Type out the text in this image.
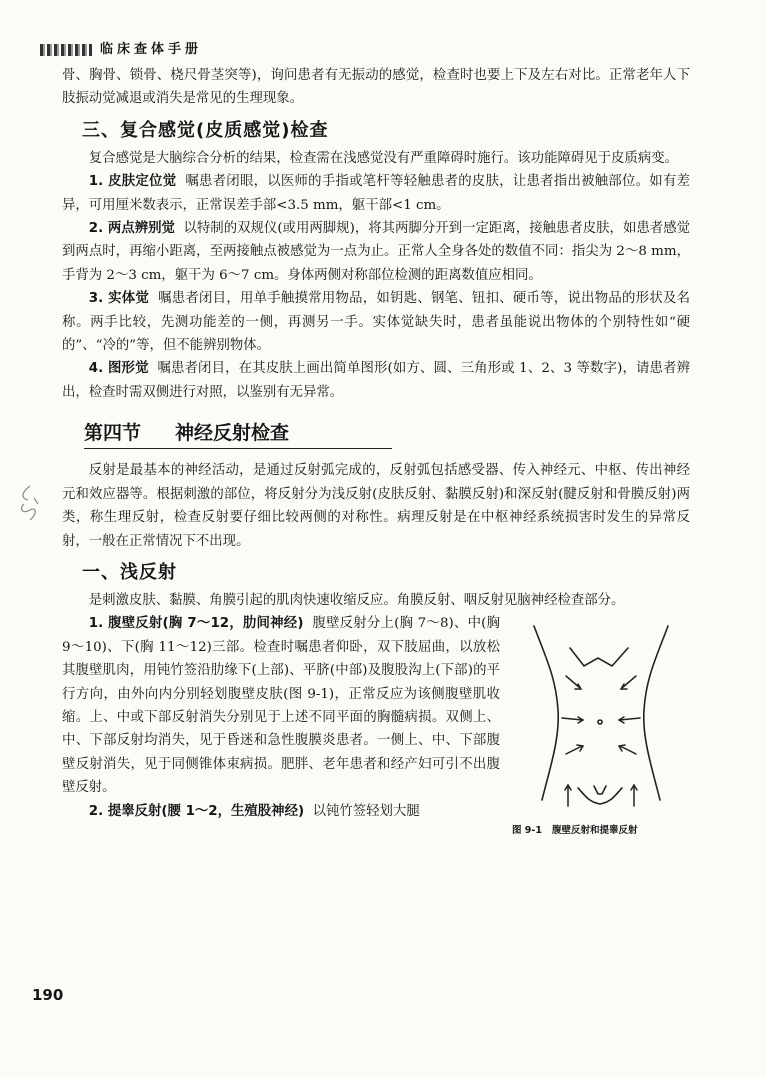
临床查体手册

骨、胸骨、锁骨、桡尺骨茎突等)，询问患者有无振动的感觉，检查时也要上下及左右对比。正常老年人下肢振动觉减退或消失是常见的生理现象。

三、复合感觉(皮质感觉)检查

复合感觉是大脑综合分析的结果，检查需在浅感觉没有严重障碍时施行。该功能障碍见于皮质病变。

1. 皮肤定位觉 嘱患者闭眼，以医师的手指或笔杆等轻触患者的皮肤，让患者指出被触部位。如有差异，可用厘米数表示，正常误差手部<3.5 mm，躯干部<1 cm。

2. 两点辨别觉 以特制的双规仪(或用两脚规)，将其两脚分开到一定距离，接触患者皮肤，如患者感觉到两点时，再缩小距离，至两接触点被感觉为一点为止。正常人全身各处的数值不同：指尖为 2～8 mm，手背为 2～3 cm，躯干为 6～7 cm。身体两侧对称部位检测的距离数值应相同。

3. 实体觉 嘱患者闭目，用单手触摸常用物品，如钥匙、钢笔、钮扣、硬币等，说出物品的形状及名称。两手比较，先测功能差的一侧，再测另一手。实体觉缺失时，患者虽能说出物体的个别特性如“硬的”、“冷的”等，但不能辨别物体。

4. 图形觉 嘱患者闭目，在其皮肤上画出简单图形(如方、圆、三角形或 1、2、3 等数字)，请患者辨出，检查时需双侧进行对照，以鉴别有无异常。

第四节 神经反射检查

反射是最基本的神经活动，是通过反射弧完成的，反射弧包括感受器、传入神经元、中枢、传出神经元和效应器等。根据刺激的部位，将反射分为浅反射(皮肤反射、黏膜反射)和深反射(腱反射和骨膜反射)两类，称生理反射，检查反射要仔细比较两侧的对称性。病理反射是在中枢神经系统损害时发生的异常反射，一般在正常情况下不出现。

一、浅反射

是刺激皮肤、黏膜、角膜引起的肌肉快速收缩反应。角膜反射、咽反射见脑神经检查部分。

图 9-1 腹壁反射和提睾反射

1. 腹壁反射(胸 7～12，肋间神经) 腹壁反射分上(胸 7～8)、中(胸 9～10)、下(胸 11～12)三部。检查时嘱患者仰卧，双下肢屈曲，以放松其腹壁肌肉，用钝竹签沿肋缘下(上部)、平脐(中部)及腹股沟上(下部)的平行方向，由外向内分别轻划腹壁皮肤(图 9-1)，正常反应为该侧腹壁肌收缩。上、中或下部反射消失分别见于上述不同平面的胸髓病损。双侧上、中、下部反射均消失，见于昏迷和急性腹膜炎患者。一侧上、中、下部腹壁反射消失，见于同侧锥体束病损。肥胖、老年患者和经产妇可引不出腹壁反射。

2. 提睾反射(腰 1～2，生殖股神经) 以钝竹签轻划大腿

190
